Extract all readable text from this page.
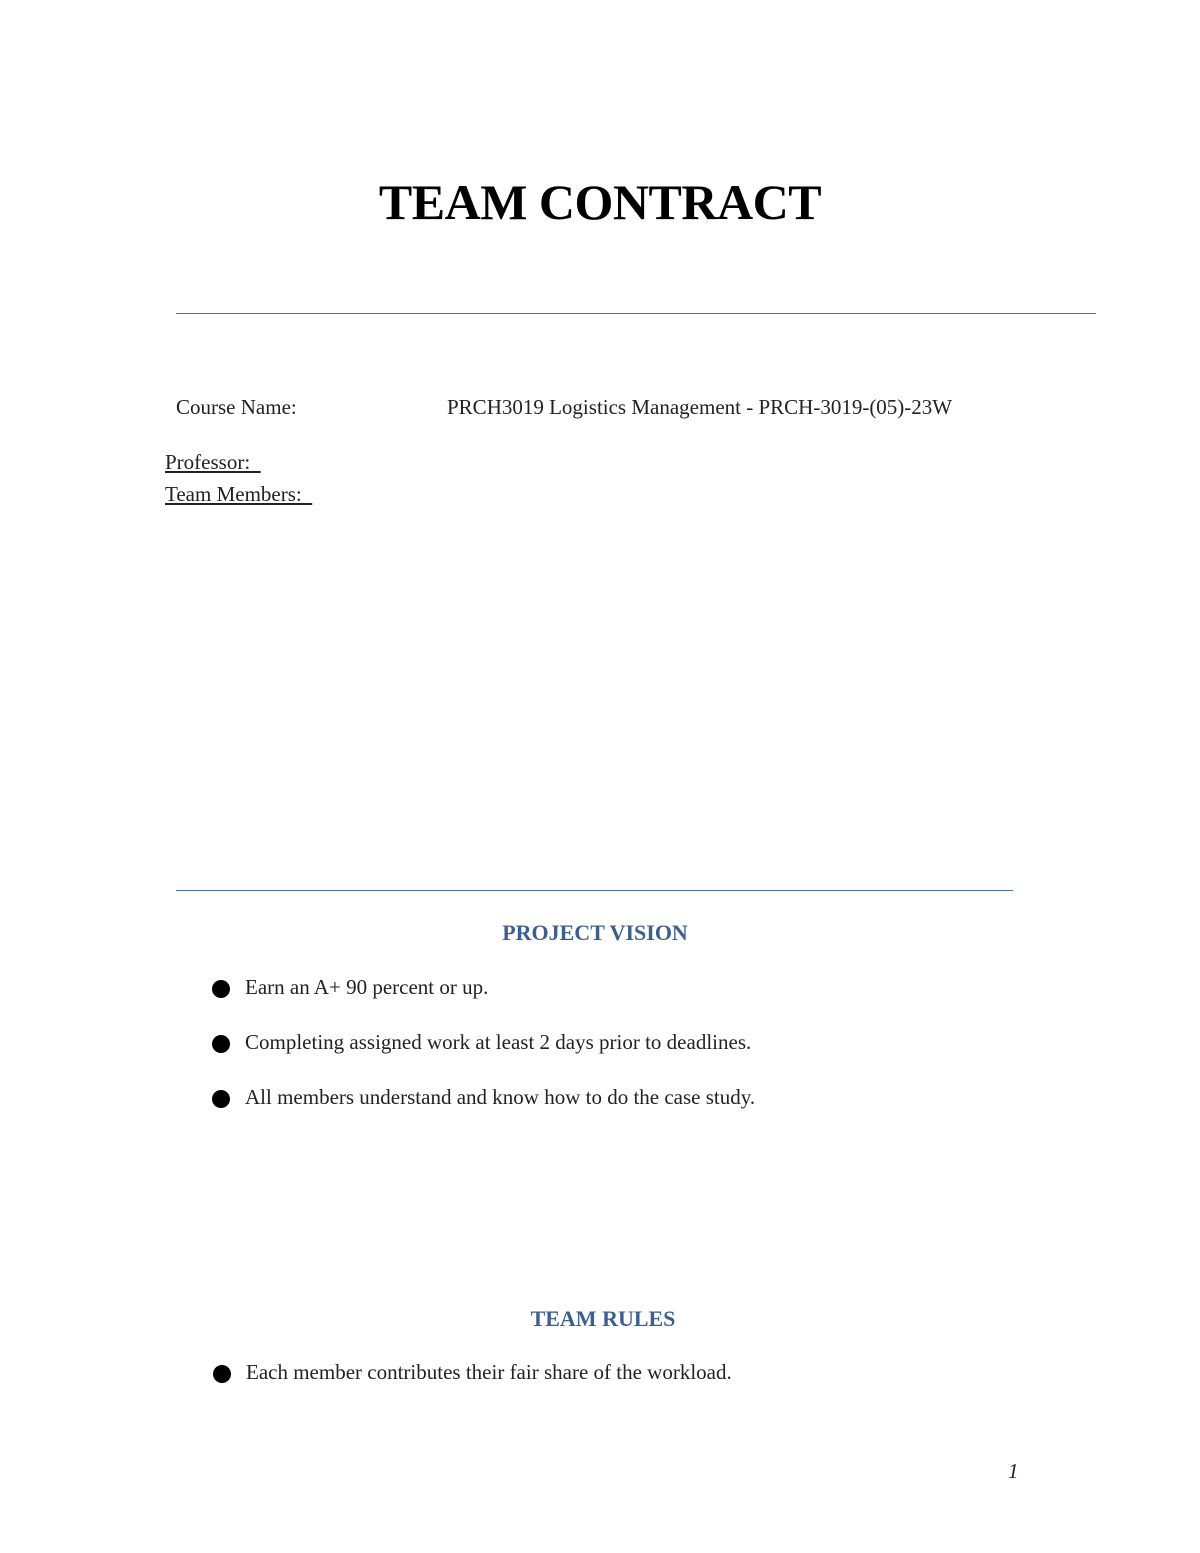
TEAM CONTRACT
Course Name:	PRCH3019 Logistics Management - PRCH-3019-(05)-23W
Professor:
Team Members:
PROJECT VISION
Earn an A+ 90 percent or up.
Completing assigned work at least 2 days prior to deadlines.
All members understand and know how to do the case study.
TEAM RULES
Each member contributes their fair share of the workload.
1
